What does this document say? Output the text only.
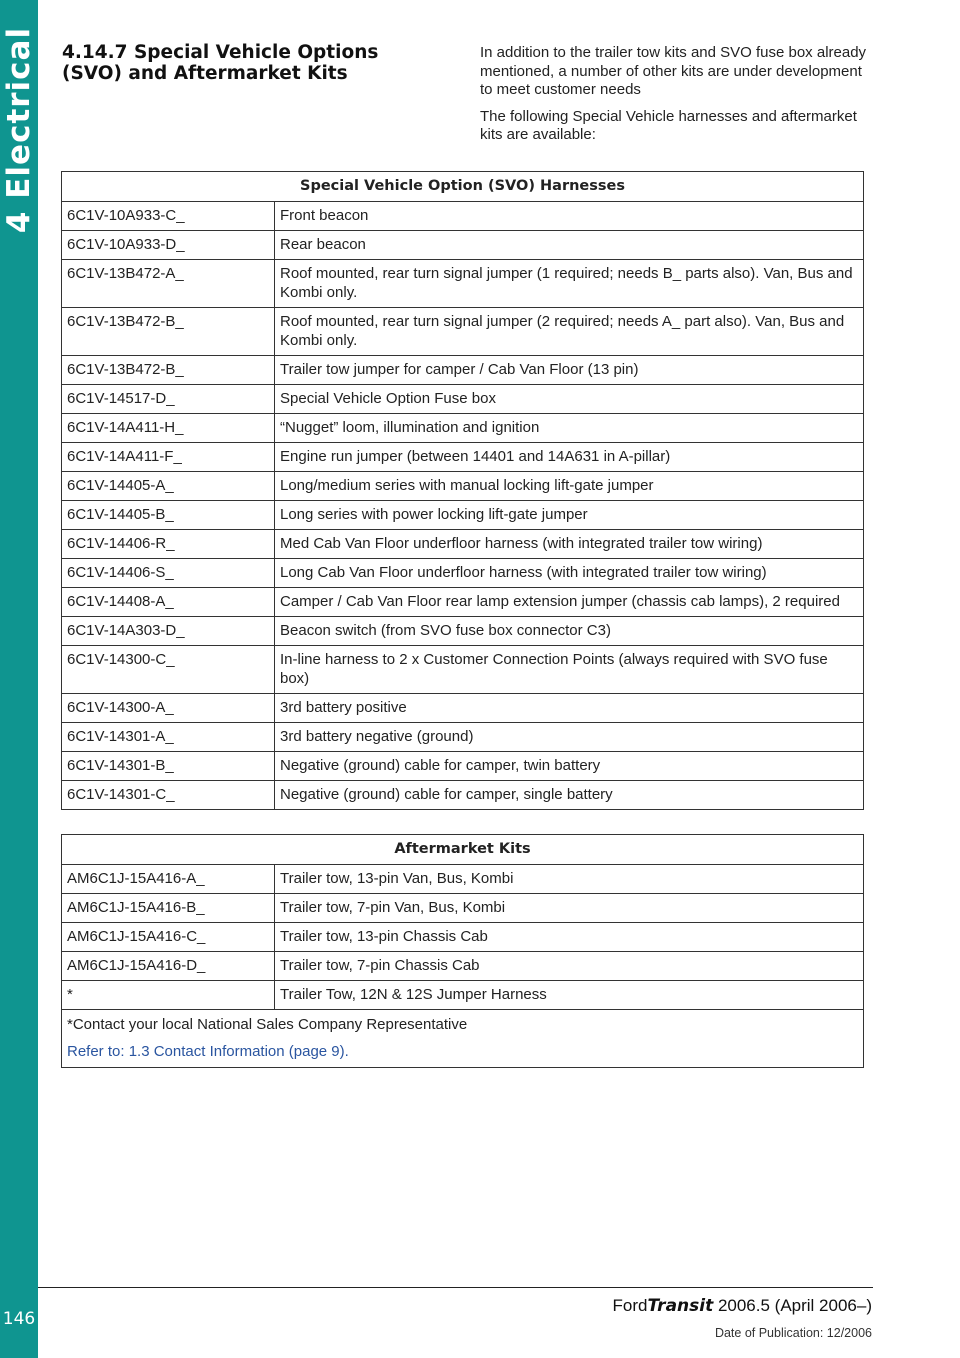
4 Electrical
146
4.14.7 Special Vehicle Options
(SVO) and Aftermarket Kits

In addition to the trailer tow kits and SVO fuse box already mentioned, a number of other kits are under development to meet customer needs

The following Special Vehicle harnesses and aftermarket kits are available:

Special Vehicle Option (SVO) Harnesses	
6C1V-10A933-C_	Front beacon
6C1V-10A933-D_	Rear beacon
6C1V-13B472-A_	Roof mounted, rear turn signal jumper (1 required; needs B_ parts also). Van, Bus and Kombi only.
6C1V-13B472-B_	Roof mounted, rear turn signal jumper (2 required; needs A_ part also). Van, Bus and Kombi only.
6C1V-13B472-B_	Trailer tow jumper for camper / Cab Van Floor (13 pin)
6C1V-14517-D_	Special Vehicle Option Fuse box
6C1V-14A411-H_	“Nugget” loom, illumination and ignition
6C1V-14A411-F_	Engine run jumper (between 14401 and 14A631 in A-pillar)
6C1V-14405-A_	Long/medium series with manual locking lift-gate jumper
6C1V-14405-B_	Long series with power locking lift-gate jumper
6C1V-14406-R_	Med Cab Van Floor underfloor harness (with integrated trailer tow wiring)
6C1V-14406-S_	Long Cab Van Floor underfloor harness (with integrated trailer tow wiring)
6C1V-14408-A_	Camper / Cab Van Floor rear lamp extension jumper (chassis cab lamps), 2 required
6C1V-14A303-D_	Beacon switch (from SVO fuse box connector C3)
6C1V-14300-C_	In-line harness to 2 x Customer Connection Points (always required with SVO fuse box)
6C1V-14300-A_	3rd battery positive
6C1V-14301-A_	3rd battery negative (ground)
6C1V-14301-B_	Negative (ground) cable for camper, twin battery
6C1V-14301-C_	Negative (ground) cable for camper, single battery
Aftermarket Kits	
AM6C1J-15A416-A_	Trailer tow, 13-pin Van, Bus, Kombi
AM6C1J-15A416-B_	Trailer tow, 7-pin Van, Bus, Kombi
AM6C1J-15A416-C_	Trailer tow, 13-pin Chassis Cab
AM6C1J-15A416-D_	Trailer tow, 7-pin Chassis Cab
*	Trailer Tow, 12N & 12S Jumper Harness
*Contact your local National Sales Company Representative
Refer to: 1.3 Contact Information (page 9).	
FordTransit 2006.5 (April 2006–)
Date of Publication: 12/2006
